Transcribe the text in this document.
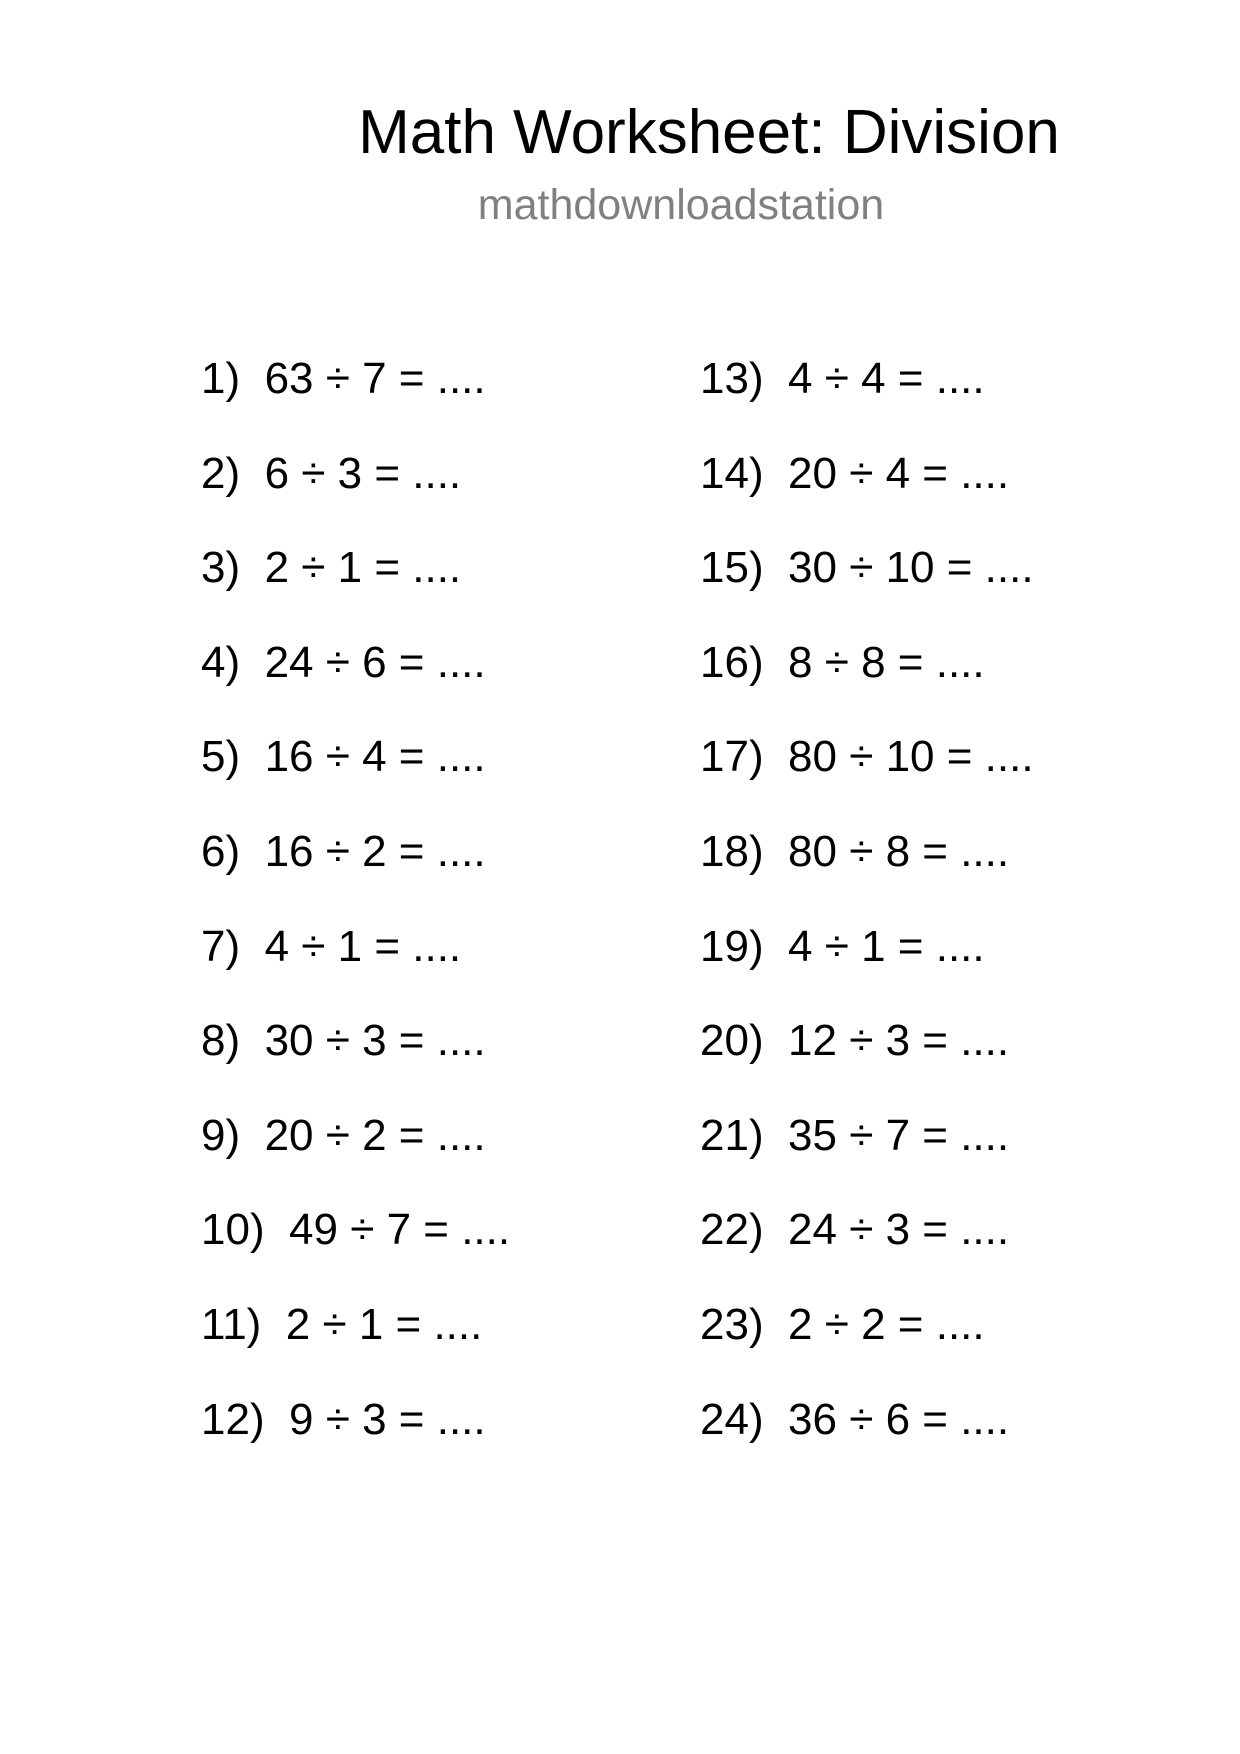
Math Worksheet: Division
mathdownloadstation
1)  63 ÷ 7 = ....
2)  6 ÷ 3 = ....
3)  2 ÷ 1 = ....
4)  24 ÷ 6 = ....
5)  16 ÷ 4 = ....
6)  16 ÷ 2 = ....
7)  4 ÷ 1 = ....
8)  30 ÷ 3 = ....
9)  20 ÷ 2 = ....
10)  49 ÷ 7 = ....
11)  2 ÷ 1 = ....
12)  9 ÷ 3 = ....
13)  4 ÷ 4 = ....
14)  20 ÷ 4 = ....
15)  30 ÷ 10 = ....
16)  8 ÷ 8 = ....
17)  80 ÷ 10 = ....
18)  80 ÷ 8 = ....
19)  4 ÷ 1 = ....
20)  12 ÷ 3 = ....
21)  35 ÷ 7 = ....
22)  24 ÷ 3 = ....
23)  2 ÷ 2 = ....
24)  36 ÷ 6 = ....
